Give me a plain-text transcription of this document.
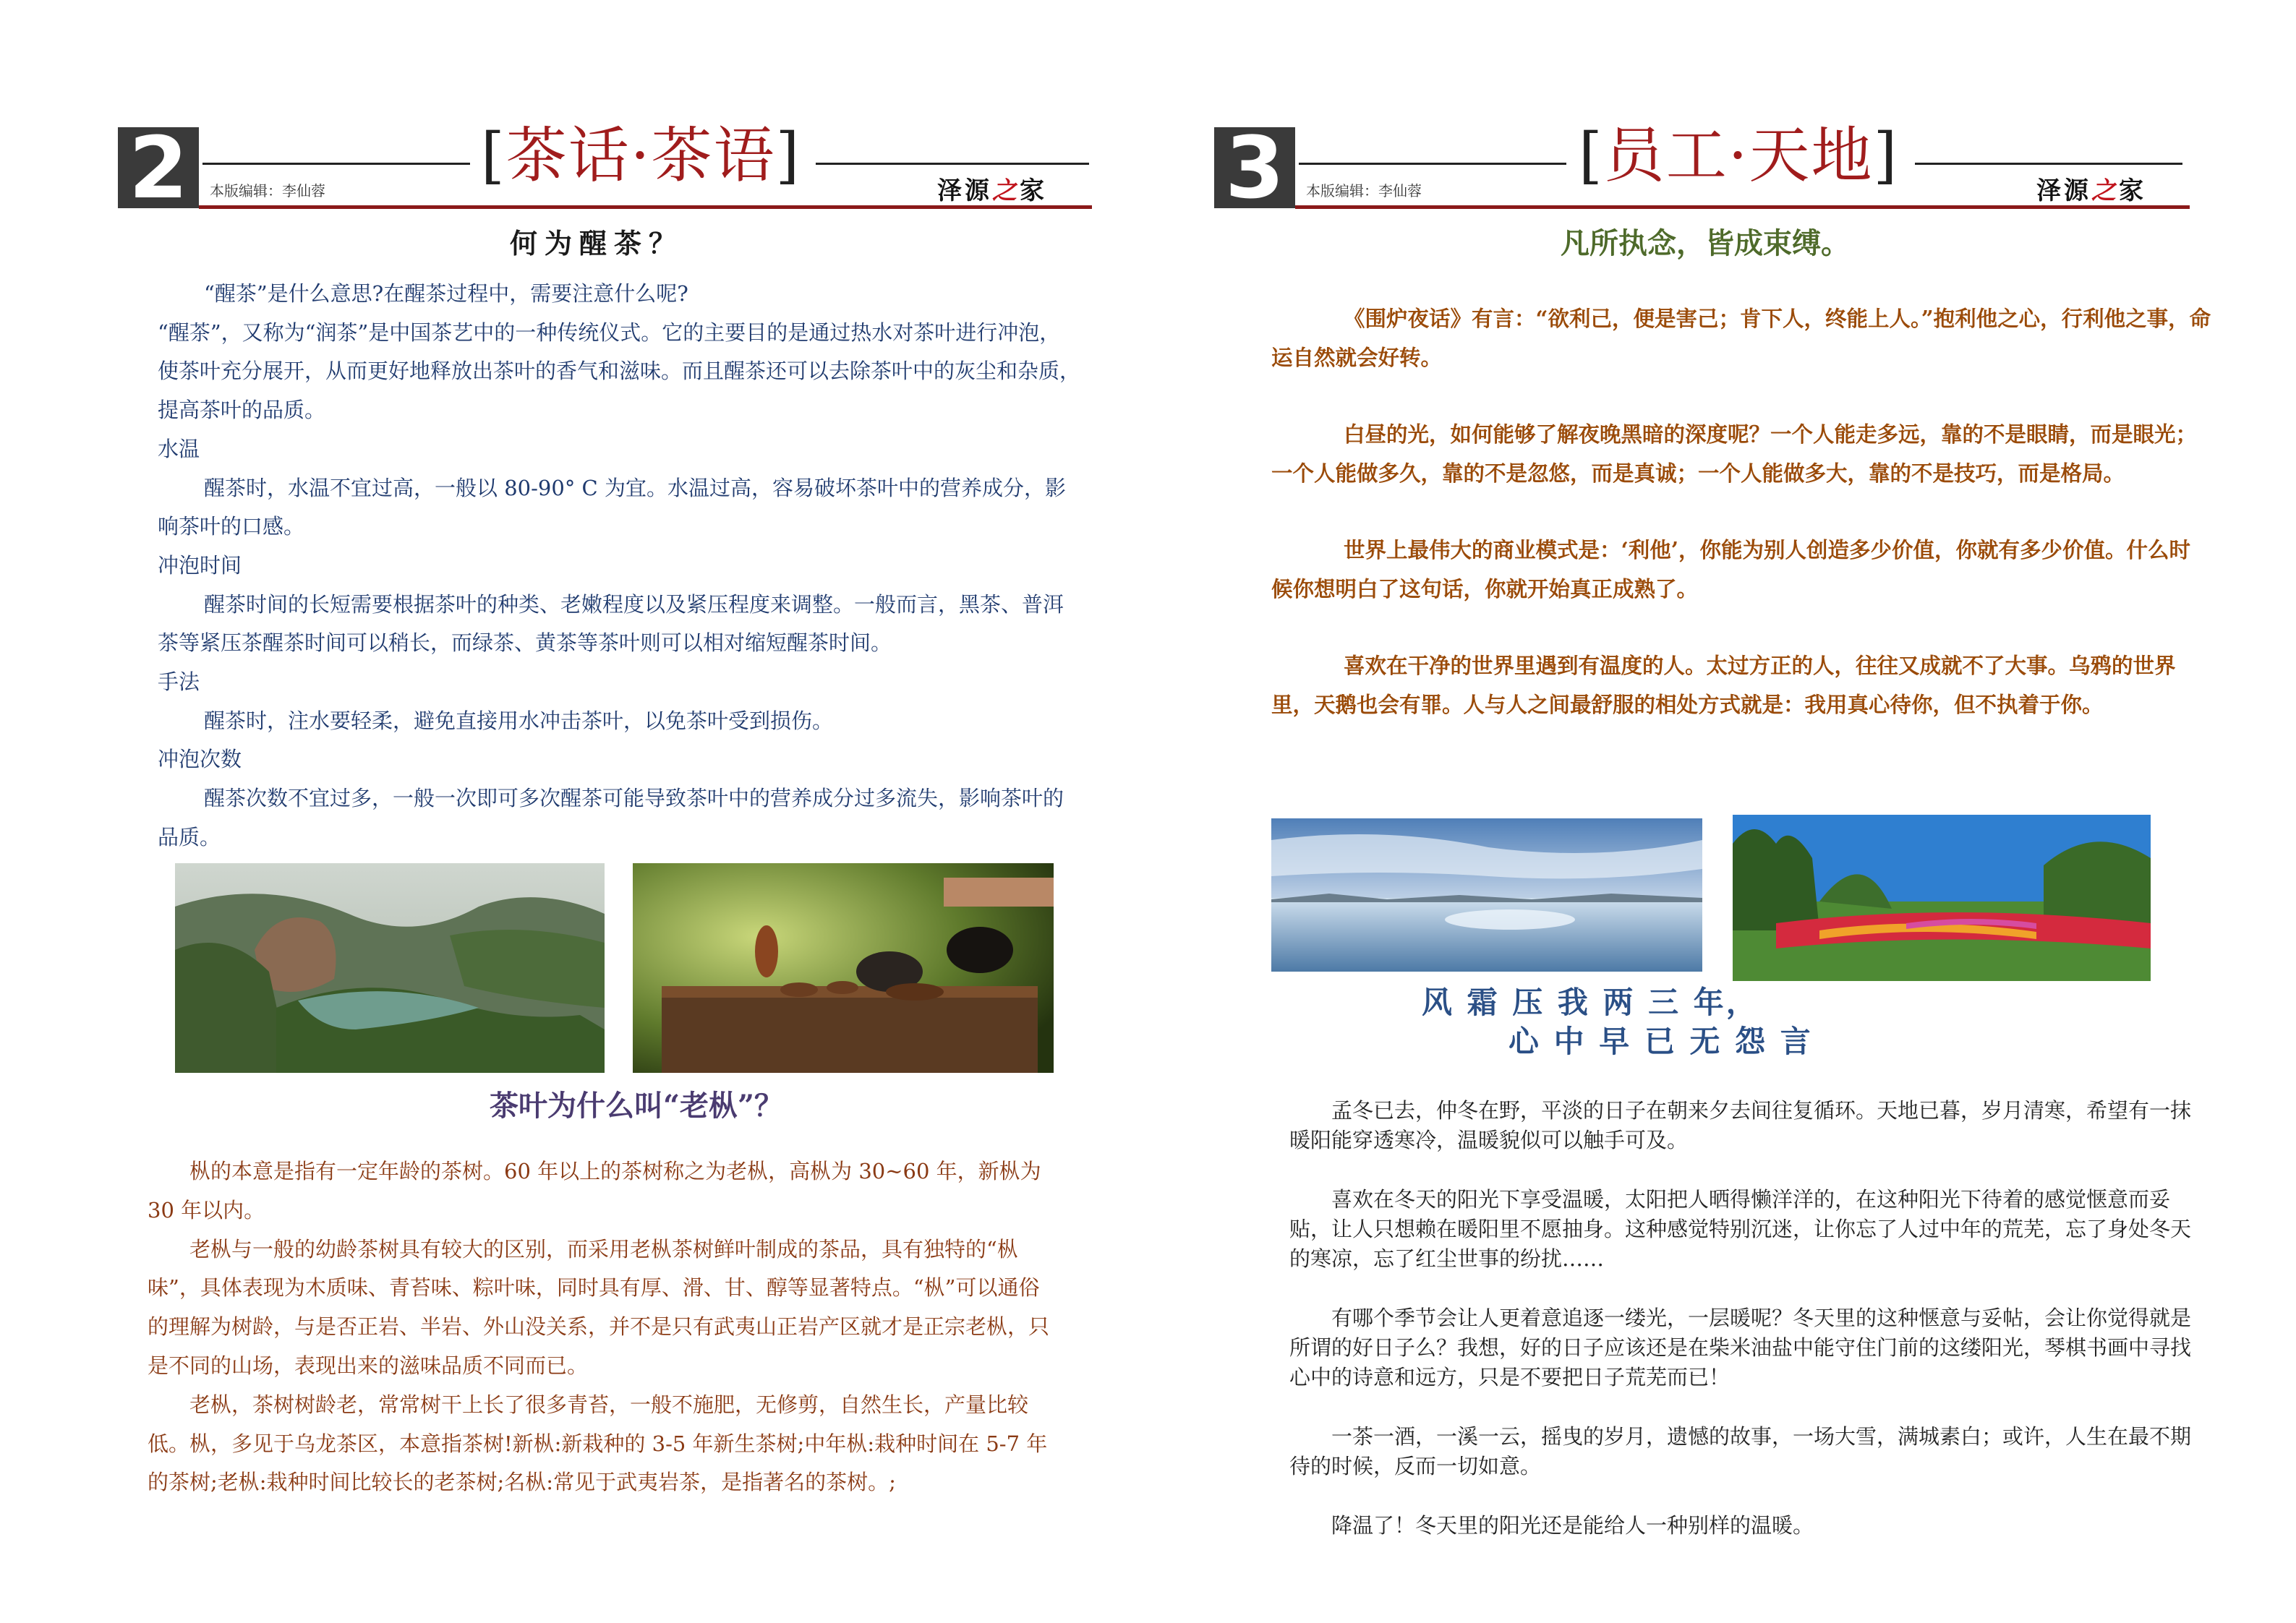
2	本版编辑：李仙蓉	[茶话·茶语]	泽源之家
何为醒茶？

“醒茶”是什么意思?在醒茶过程中，需要注意什么呢?

“醒茶”，又称为“润茶”是中国茶艺中的一种传统仪式。它的主要目的是通过热水对茶叶进行冲泡，使茶叶充分展开，从而更好地释放出茶叶的香气和滋味。而且醒茶还可以去除茶叶中的灰尘和杂质，提高茶叶的品质。

水温

醒茶时，水温不宜过高，一般以 80-90° C 为宜。水温过高，容易破坏茶叶中的营养成分，影响茶叶的口感。

冲泡时间

醒茶时间的长短需要根据茶叶的种类、老嫩程度以及紧压程度来调整。一般而言，黑茶、普洱茶等紧压茶醒茶时间可以稍长，而绿茶、黄茶等茶叶则可以相对缩短醒茶时间。

手法

醒茶时，注水要轻柔，避免直接用水冲击茶叶，以免茶叶受到损伤。

冲泡次数

醒茶次数不宜过多，一般一次即可多次醒茶可能导致茶叶中的营养成分过多流失，影响茶叶的品质。

茶叶为什么叫“老枞”？

枞的本意是指有一定年龄的茶树。60 年以上的茶树称之为老枞，高枞为 30~60 年，新枞为 30 年以内。

老枞与一般的幼龄茶树具有较大的区别，而采用老枞茶树鲜叶制成的茶品，具有独特的“枞味”，具体表现为木质味、青苔味、粽叶味，同时具有厚、滑、甘、醇等显著特点。“枞”可以通俗的理解为树龄，与是否正岩、半岩、外山没关系，并不是只有武夷山正岩产区就才是正宗老枞，只是不同的山场，表现出来的滋味品质不同而已。

老枞，茶树树龄老，常常树干上长了很多青苔，一般不施肥，无修剪，自然生长，产量比较低。枞，多见于乌龙茶区，本意指茶树!新枞:新栽种的 3-5 年新生茶树;中年枞:栽种时间在 5-7 年的茶树;老枞:栽种时间比较长的老茶树;名枞:常见于武夷岩茶，是指著名的茶树。;

3	本版编辑：李仙蓉	[员工·天地]	泽源之家
凡所执念，皆成束缚。

《围炉夜话》有言：“欲利己，便是害己；肯下人，终能上人。”抱利他之心，行利他之事，命运自然就会好转。

白昼的光，如何能够了解夜晚黑暗的深度呢？一个人能走多远，靠的不是眼睛，而是眼光；一个人能做多久，靠的不是忽悠，而是真诚；一个人能做多大，靠的不是技巧，而是格局。

世界上最伟大的商业模式是：‘利他’，你能为别人创造多少价值，你就有多少价值。什么时候你想明白了这句话，你就开始真正成熟了。

喜欢在干净的世界里遇到有温度的人。太过方正的人，往往又成就不了大事。乌鸦的世界里，天鹅也会有罪。人与人之间最舒服的相处方式就是：我用真心待你，但不执着于你。

风 霜 压 我 两 三 年，
心 中 早 已 无 怨 言

孟冬已去，仲冬在野，平淡的日子在朝来夕去间往复循环。天地已暮，岁月清寒，希望有一抹暖阳能穿透寒冷，温暖貌似可以触手可及。

喜欢在冬天的阳光下享受温暖，太阳把人晒得懒洋洋的，在这种阳光下待着的感觉惬意而妥贴，让人只想赖在暖阳里不愿抽身。这种感觉特别沉迷，让你忘了人过中年的荒芜，忘了身处冬天的寒凉，忘了红尘世事的纷扰……

有哪个季节会让人更着意追逐一缕光，一层暖呢？冬天里的这种惬意与妥帖，会让你觉得就是所谓的好日子么？我想，好的日子应该还是在柴米油盐中能守住门前的这缕阳光，琴棋书画中寻找心中的诗意和远方，只是不要把日子荒芜而已！

一茶一酒，一溪一云，摇曳的岁月，遗憾的故事，一场大雪，满城素白；或许，人生在最不期待的时候，反而一切如意。

降温了！冬天里的阳光还是能给人一种别样的温暖。
